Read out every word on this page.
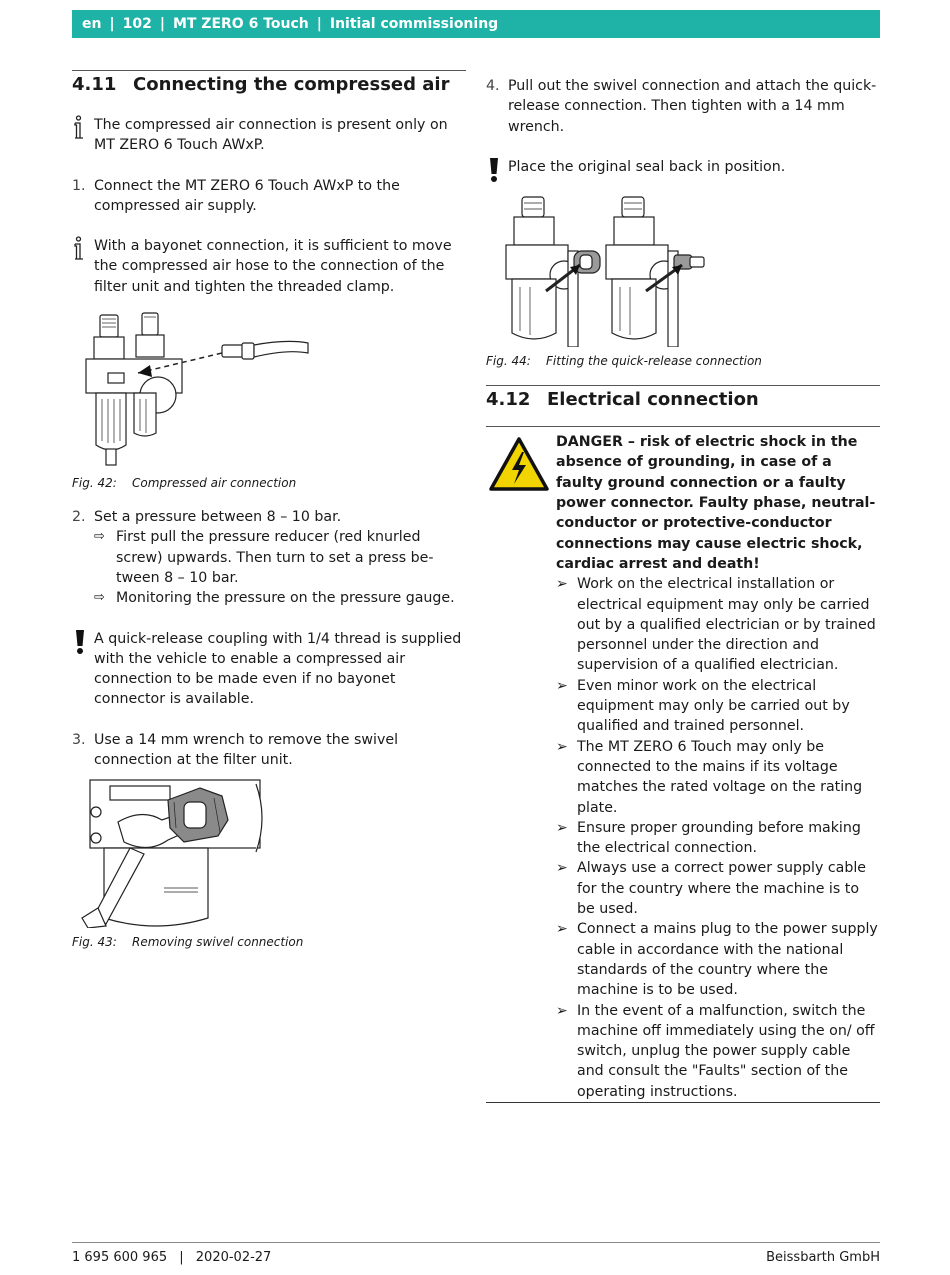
en | 102 | MT ZERO 6 Touch | Initial commissioning
4.11 Connecting the compressed air
The compressed air connection is present only on MT ZERO 6 Touch AWxP.
1. Connect the MT ZERO 6 Touch AWxP to the compressed air supply.
With a bayonet connection, it is sufficient to move the compressed air hose to the connection of the filter unit and tighten the threaded clamp.
Fig. 42: Compressed air connection
2. Set a pressure between 8 – 10 bar.
⇨ First pull the pressure reducer (red knurled screw) upwards. Then turn to set a press be-tween 8 – 10 bar.
⇨ Monitoring the pressure on the pressure gauge.
A quick-release coupling with 1/4 thread is supplied with the vehicle to enable a compressed air connection to be made even if no bayonet connector is available.
3. Use a 14 mm wrench to remove the swivel connection at the filter unit.
Fig. 43: Removing swivel connection
4. Pull out the swivel connection and attach the quick-release connection. Then tighten with a 14 mm wrench.
Place the original seal back in position.
Fig. 44: Fitting the quick-release connection
4.12 Electrical connection
DANGER – risk of electric shock in the absence of grounding, in case of a faulty ground connection or a faulty power connector. Faulty phase, neutral-conductor or protective-conductor connections may cause electric shock, cardiac arrest and death!
➢ Work on the electrical installation or electrical equipment may only be carried out by a qualified electrician or by trained personnel under the direction and supervision of a qualified electrician.
➢ Even minor work on the electrical equipment may only be carried out by qualified and trained personnel.
➢ The MT ZERO 6 Touch may only be connected to the mains if its voltage matches the rated voltage on the rating plate.
➢ Ensure proper grounding before making the electrical connection.
➢ Always use a correct power supply cable for the country where the machine is to be used.
➢ Connect a mains plug to the power supply cable in accordance with the national standards of the country where the machine is to be used.
➢ In the event of a malfunction, switch the machine off immediately using the on/ off switch, unplug the power supply cable and consult the "Faults" section of the operating instructions.
1 695 600 965 | 2020-02-27	Beissbarth GmbH
